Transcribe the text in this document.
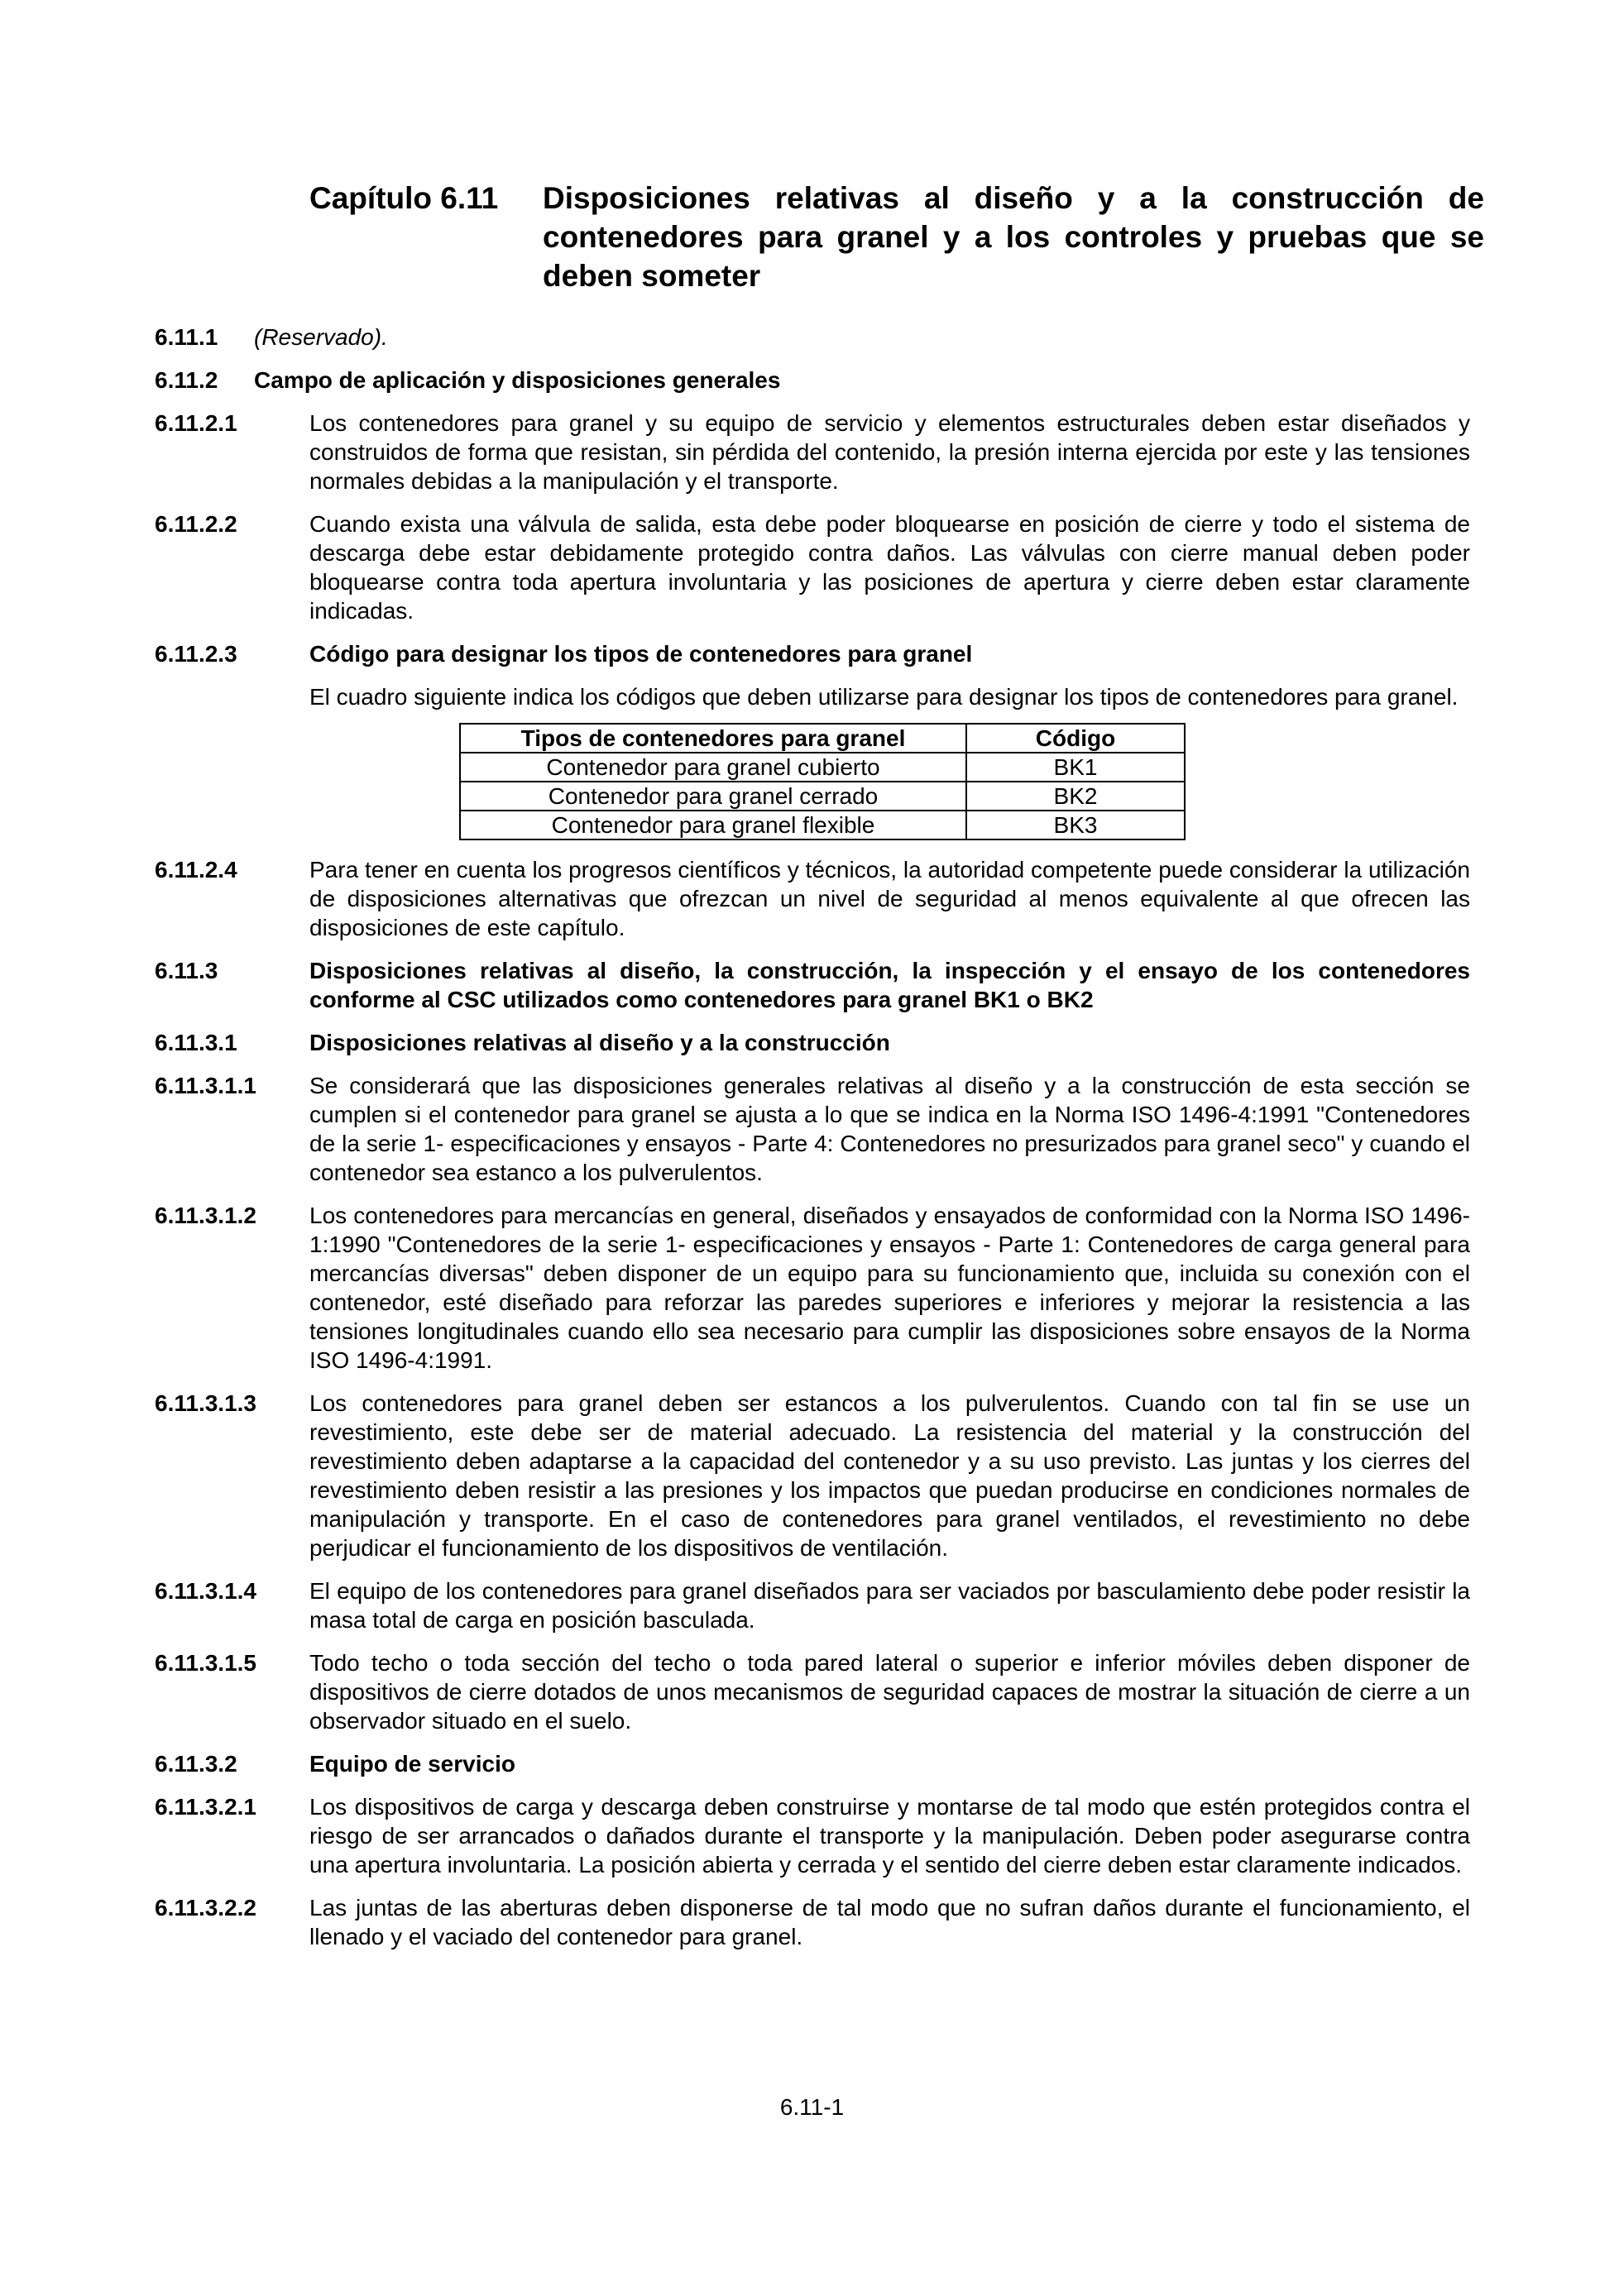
Capítulo 6.11	Disposiciones relativas al diseño y a la construcción de contenedores para granel y a los controles y pruebas que se deben someter
6.11.1	(Reservado).
6.11.2	Campo de aplicación y disposiciones generales
6.11.2.1	Los contenedores para granel y su equipo de servicio y elementos estructurales deben estar diseñados y construidos de forma que resistan, sin pérdida del contenido, la presión interna ejercida por este y las tensiones normales debidas a la manipulación y el transporte.
6.11.2.2	Cuando exista una válvula de salida, esta debe poder bloquearse en posición de cierre y todo el sistema de descarga debe estar debidamente protegido contra daños. Las válvulas con cierre manual deben poder bloquearse contra toda apertura involuntaria y las posiciones de apertura y cierre deben estar claramente indicadas.
6.11.2.3	Código para designar los tipos de contenedores para granel
El cuadro siguiente indica los códigos que deben utilizarse para designar los tipos de contenedores para granel.
Tipos de contenedores para granel	Código
Contenedor para granel cubierto	BK1
Contenedor para granel cerrado	BK2
Contenedor para granel flexible	BK3
6.11.2.4	Para tener en cuenta los progresos científicos y técnicos, la autoridad competente puede considerar la utilización de disposiciones alternativas que ofrezcan un nivel de seguridad al menos equivalente al que ofrecen las disposiciones de este capítulo.
6.11.3	Disposiciones relativas al diseño, la construcción, la inspección y el ensayo de los contenedores conforme al CSC utilizados como contenedores para granel BK1 o BK2
6.11.3.1	Disposiciones relativas al diseño y a la construcción
6.11.3.1.1	Se considerará que las disposiciones generales relativas al diseño y a la construcción de esta sección se cumplen si el contenedor para granel se ajusta a lo que se indica en la Norma ISO 1496-4:1991 "Contenedores de la serie 1- especificaciones y ensayos - Parte 4: Contenedores no presurizados para granel seco" y cuando el contenedor sea estanco a los pulverulentos.
6.11.3.1.2	Los contenedores para mercancías en general, diseñados y ensayados de conformidad con la Norma ISO 1496-1:1990 "Contenedores de la serie 1- especificaciones y ensayos - Parte 1: Contenedores de carga general para mercancías diversas" deben disponer de un equipo para su funcionamiento que, incluida su conexión con el contenedor, esté diseñado para reforzar las paredes superiores e inferiores y mejorar la resistencia a las tensiones longitudinales cuando ello sea necesario para cumplir las disposiciones sobre ensayos de la Norma ISO 1496-4:1991.
6.11.3.1.3	Los contenedores para granel deben ser estancos a los pulverulentos. Cuando con tal fin se use un revestimiento, este debe ser de material adecuado. La resistencia del material y la construcción del revestimiento deben adaptarse a la capacidad del contenedor y a su uso previsto. Las juntas y los cierres del revestimiento deben resistir a las presiones y los impactos que puedan producirse en condiciones normales de manipulación y transporte. En el caso de contenedores para granel ventilados, el revestimiento no debe perjudicar el funcionamiento de los dispositivos de ventilación.
6.11.3.1.4	El equipo de los contenedores para granel diseñados para ser vaciados por basculamiento debe poder resistir la masa total de carga en posición basculada.
6.11.3.1.5	Todo techo o toda sección del techo o toda pared lateral o superior e inferior móviles deben disponer de dispositivos de cierre dotados de unos mecanismos de seguridad capaces de mostrar la situación de cierre a un observador situado en el suelo.
6.11.3.2	Equipo de servicio
6.11.3.2.1	Los dispositivos de carga y descarga deben construirse y montarse de tal modo que estén protegidos contra el riesgo de ser arrancados o dañados durante el transporte y la manipulación. Deben poder asegurarse contra una apertura involuntaria. La posición abierta y cerrada y el sentido del cierre deben estar claramente indicados.
6.11.3.2.2	Las juntas de las aberturas deben disponerse de tal modo que no sufran daños durante el funcionamiento, el llenado y el vaciado del contenedor para granel.
6.11-1
